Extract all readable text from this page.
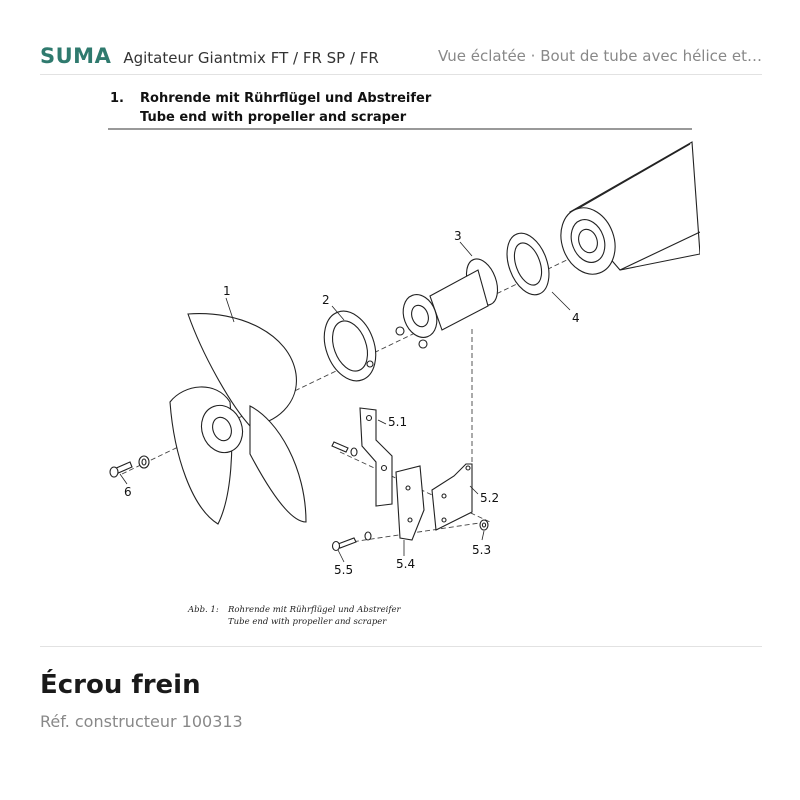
SUMA Agitateur Giantmix FT / FR SP / FR	Vue éclatée · Bout de tube avec hélice et…
1. Rohrende mit Rührflügel und Abstreifer
Tube end with propeller and scraper
1
2
3
4
5.1
5.2
5.3
5.4
5.5
6
Abb. 1: Rohrende mit Rührflügel und Abstreifer
Tube end with propeller and scraper
Écrou frein
Réf. constructeur 100313
